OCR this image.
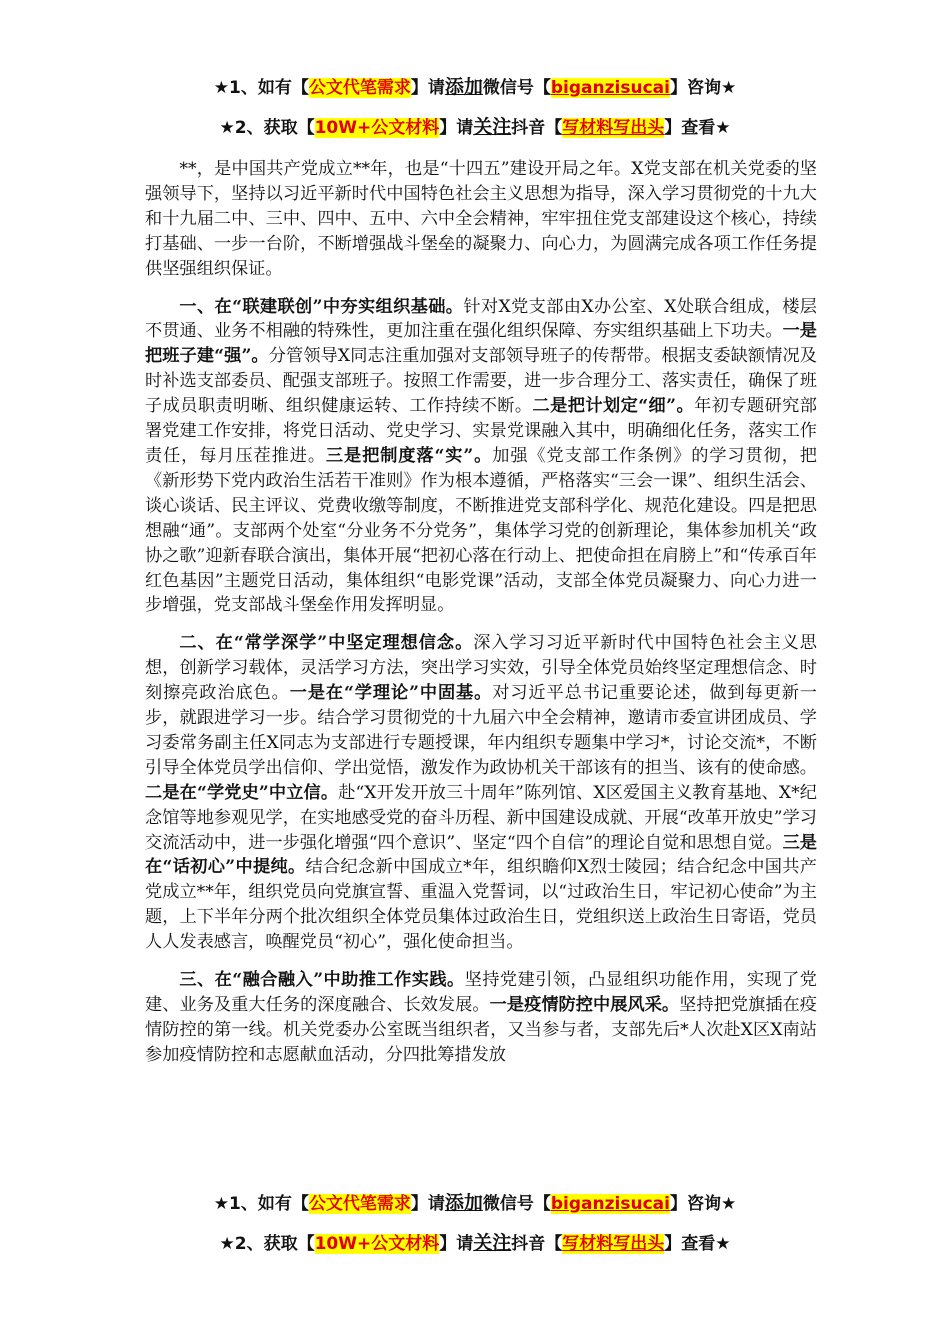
★1、如有【公文代笔需求】请添加微信号【biganzisucai】咨询★
★2、获取【10W+公文材料】请关注抖音【写材料写出头】查看★

**，是中国共产党成立**年，也是“十四五”建设开局之年。X党支部在机关党委的坚强领导下，坚持以习近平新时代中国特色社会主义思想为指导，深入学习贯彻党的十九大和十九届二中、三中、四中、五中、六中全会精神，牢牢扭住党支部建设这个核心，持续打基础、一步一台阶，不断增强战斗堡垒的凝聚力、向心力，为圆满完成各项工作任务提供坚强组织保证。

一、在“联建联创”中夯实组织基础。针对X党支部由X办公室、X处联合组成，楼层不贯通、业务不相融的特殊性，更加注重在强化组织保障、夯实组织基础上下功夫。一是把班子建“强”。分管领导X同志注重加强对支部领导班子的传帮带。根据支委缺额情况及时补选支部委员、配强支部班子。按照工作需要，进一步合理分工、落实责任，确保了班子成员职责明晰、组织健康运转、工作持续不断。二是把计划定“细”。年初专题研究部署党建工作安排，将党日活动、党史学习、实景党课融入其中，明确细化任务，落实工作责任，每月压茬推进。三是把制度落“实”。加强《党支部工作条例》的学习贯彻，把《新形势下党内政治生活若干准则》作为根本遵循，严格落实“三会一课”、组织生活会、谈心谈话、民主评议、党费收缴等制度，不断推进党支部科学化、规范化建设。四是把思想融“通”。支部两个处室“分业务不分党务”，集体学习党的创新理论，集体参加机关“政协之歌”迎新春联合演出，集体开展“把初心落在行动上、把使命担在肩膀上”和“传承百年红色基因”主题党日活动，集体组织“电影党课”活动，支部全体党员凝聚力、向心力进一步增强，党支部战斗堡垒作用发挥明显。

二、在“常学深学”中坚定理想信念。深入学习习近平新时代中国特色社会主义思想，创新学习载体，灵活学习方法，突出学习实效，引导全体党员始终坚定理想信念、时刻擦亮政治底色。一是在“学理论”中固基。对习近平总书记重要论述，做到每更新一步，就跟进学习一步。结合学习贯彻党的十九届六中全会精神，邀请市委宣讲团成员、学习委常务副主任X同志为支部进行专题授课，年内组织专题集中学习*，讨论交流*，不断引导全体党员学出信仰、学出觉悟，激发作为政协机关干部该有的担当、该有的使命感。二是在“学党史”中立信。赴“X开发开放三十周年”陈列馆、X区爱国主义教育基地、X*纪念馆等地参观见学，在实地感受党的奋斗历程、新中国建设成就、开展“改革开放史”学习交流活动中，进一步强化增强“四个意识”、坚定“四个自信”的理论自觉和思想自觉。三是在“话初心”中提纯。结合纪念新中国成立*年，组织瞻仰X烈士陵园；结合纪念中国共产党成立**年，组织党员向党旗宣誓、重温入党誓词，以“过政治生日，牢记初心使命”为主题，上下半年分两个批次组织全体党员集体过政治生日，党组织送上政治生日寄语，党员人人发表感言，唤醒党员“初心”，强化使命担当。

三、在“融合融入”中助推工作实践。坚持党建引领，凸显组织功能作用，实现了党建、业务及重大任务的深度融合、长效发展。一是疫情防控中展风采。坚持把党旗插在疫情防控的第一线。机关党委办公室既当组织者，又当参与者，支部先后*人次赴X区X南站参加疫情防控和志愿献血活动，分四批筹措发放

★1、如有【公文代笔需求】请添加微信号【biganzisucai】咨询★
★2、获取【10W+公文材料】请关注抖音【写材料写出头】查看★
